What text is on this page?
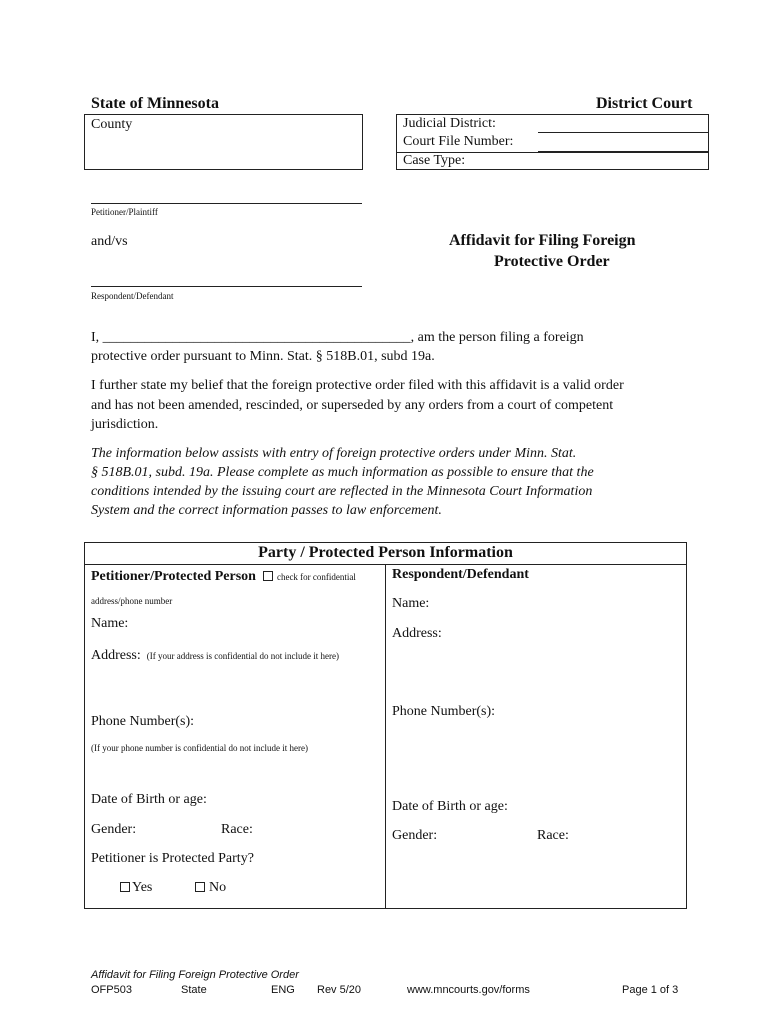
State of Minnesota	District Court
County	Judicial District:
Court File Number:
Case Type:
Petitioner/Plaintiff
and/vs	Affidavit for Filing Foreign
Protective Order
Respondent/Defendant
I, ____________________________________________, am the person filing a foreign
protective order pursuant to Minn. Stat. § 518B.01, subd 19a.
I further state my belief that the foreign protective order filed with this affidavit is a valid order
and has not been amended, rescinded, or superseded by any orders from a court of competent
jurisdiction.
The information below assists with entry of foreign protective orders under Minn. Stat.
§ 518B.01, subd. 19a. Please complete as much information as possible to ensure that the
conditions intended by the issuing court are reflected in the Minnesota Court Information
System and the correct information passes to law enforcement.
Party / Protected Person Information
Petitioner/Protected Person check for confidential
address/phone number
Name:
Address: (If your address is confidential do not include it here)
Phone Number(s):
(If your phone number is confidential do not include it here)
Date of Birth or age:
Gender:	Race:
Petitioner is Protected Party?
Yes	No
Respondent/Defendant
Name:
Address:
Phone Number(s):
Date of Birth or age:
Gender:	Race:
Affidavit for Filing Foreign Protective Order
OFP503	State	ENG Rev 5/20	www.mncourts.gov/forms	Page 1 of 3
